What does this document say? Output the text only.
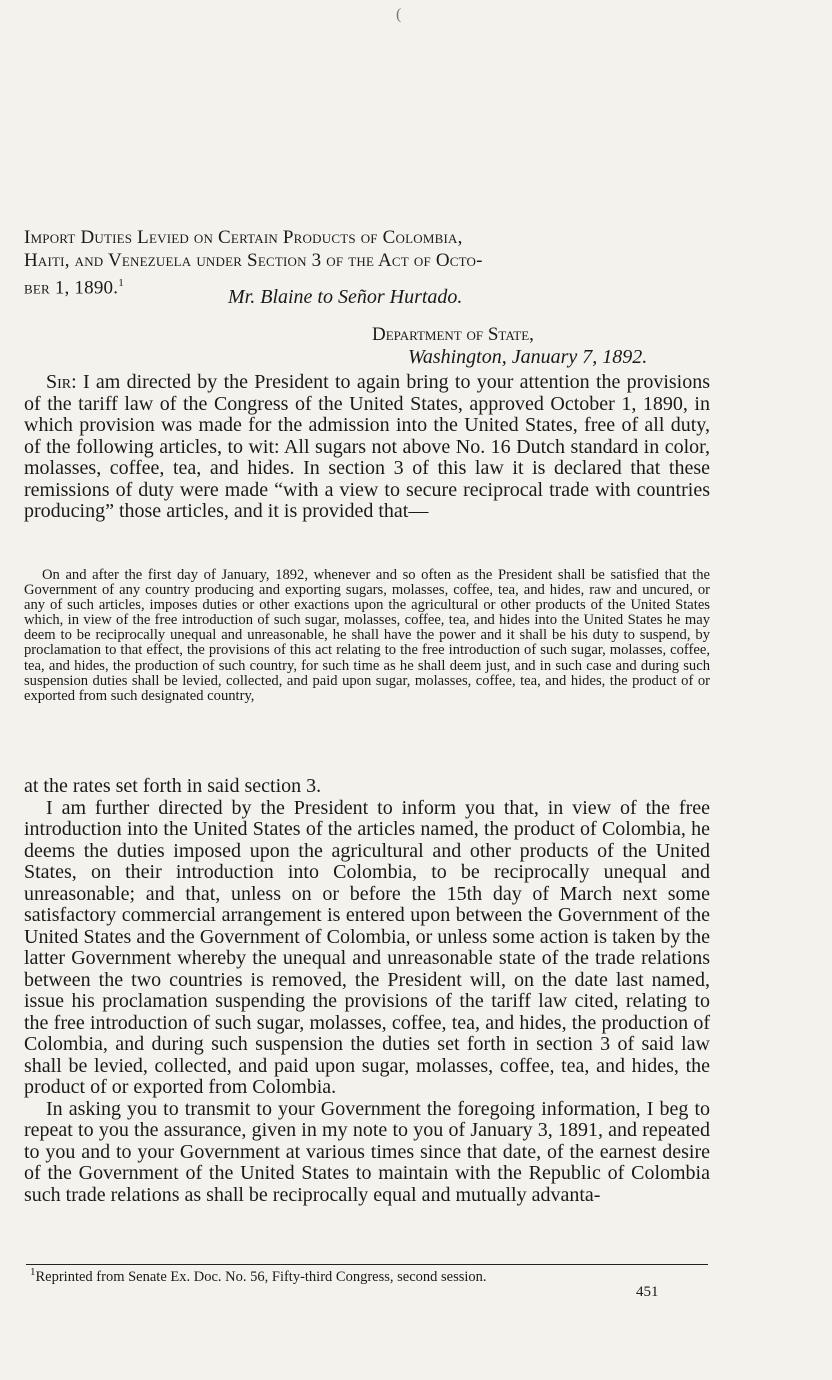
(
Import Duties Levied on Certain Products of Colombia,
Haiti, and Venezuela under Section 3 of the Act of Octo-
ber 1, 1890.$^1$
Mr. Blaine to Señor Hurtado.
Department of State,
Washington, January 7, 1892.

Sir: I am directed by the President to again bring to your attention the provisions of the tariff law of the Congress of the United States, approved October 1, 1890, in which provision was made for the admission into the United States, free of all duty, of the following articles, to wit: All sugars not above No. 16 Dutch standard in color, molasses, coffee, tea, and hides. In section 3 of this law it is declared that these remissions of duty were made “with a view to secure reciprocal trade with countries producing” those articles, and it is provided that—

On and after the first day of January, 1892, whenever and so often as the President shall be satisfied that the Government of any country producing and exporting sugars, molasses, coffee, tea, and hides, raw and uncured, or any of such articles, imposes duties or other exactions upon the agricultural or other products of the United States which, in view of the free introduction of such sugar, molasses, coffee, tea, and hides into the United States he may deem to be reciprocally unequal and unreasonable, he shall have the power and it shall be his duty to suspend, by proclamation to that effect, the provisions of this act relating to the free introduction of such sugar, molasses, coffee, tea, and hides, the production of such country, for such time as he shall deem just, and in such case and during such suspension duties shall be levied, collected, and paid upon sugar, molasses, coffee, tea, and hides, the product of or exported from such designated country,

at the rates set forth in said section 3.

I am further directed by the President to inform you that, in view of the free introduction into the United States of the articles named, the product of Colombia, he deems the duties imposed upon the agricultural and other products of the United States, on their introduction into Colombia, to be reciprocally unequal and unreasonable; and that, unless on or before the 15th day of March next some satisfactory commercial arrangement is entered upon between the Government of the United States and the Government of Colombia, or unless some action is taken by the latter Government whereby the unequal and unreasonable state of the trade relations between the two countries is removed, the President will, on the date last named, issue his proclamation suspending the provisions of the tariff law cited, relating to the free introduction of such sugar, molasses, coffee, tea, and hides, the production of Colombia, and during such suspension the duties set forth in section 3 of said law shall be levied, collected, and paid upon sugar, molasses, coffee, tea, and hides, the product of or exported from Colombia.

In asking you to transmit to your Government the foregoing information, I beg to repeat to you the assurance, given in my note to you of January 3, 1891, and repeated to you and to your Government at various times since that date, of the earnest desire of the Government of the United States to maintain with the Republic of Colombia such trade relations as shall be reciprocally equal and mutually advanta-

$^1$Reprinted from Senate Ex. Doc. No. 56, Fifty-third Congress, second session.
451
